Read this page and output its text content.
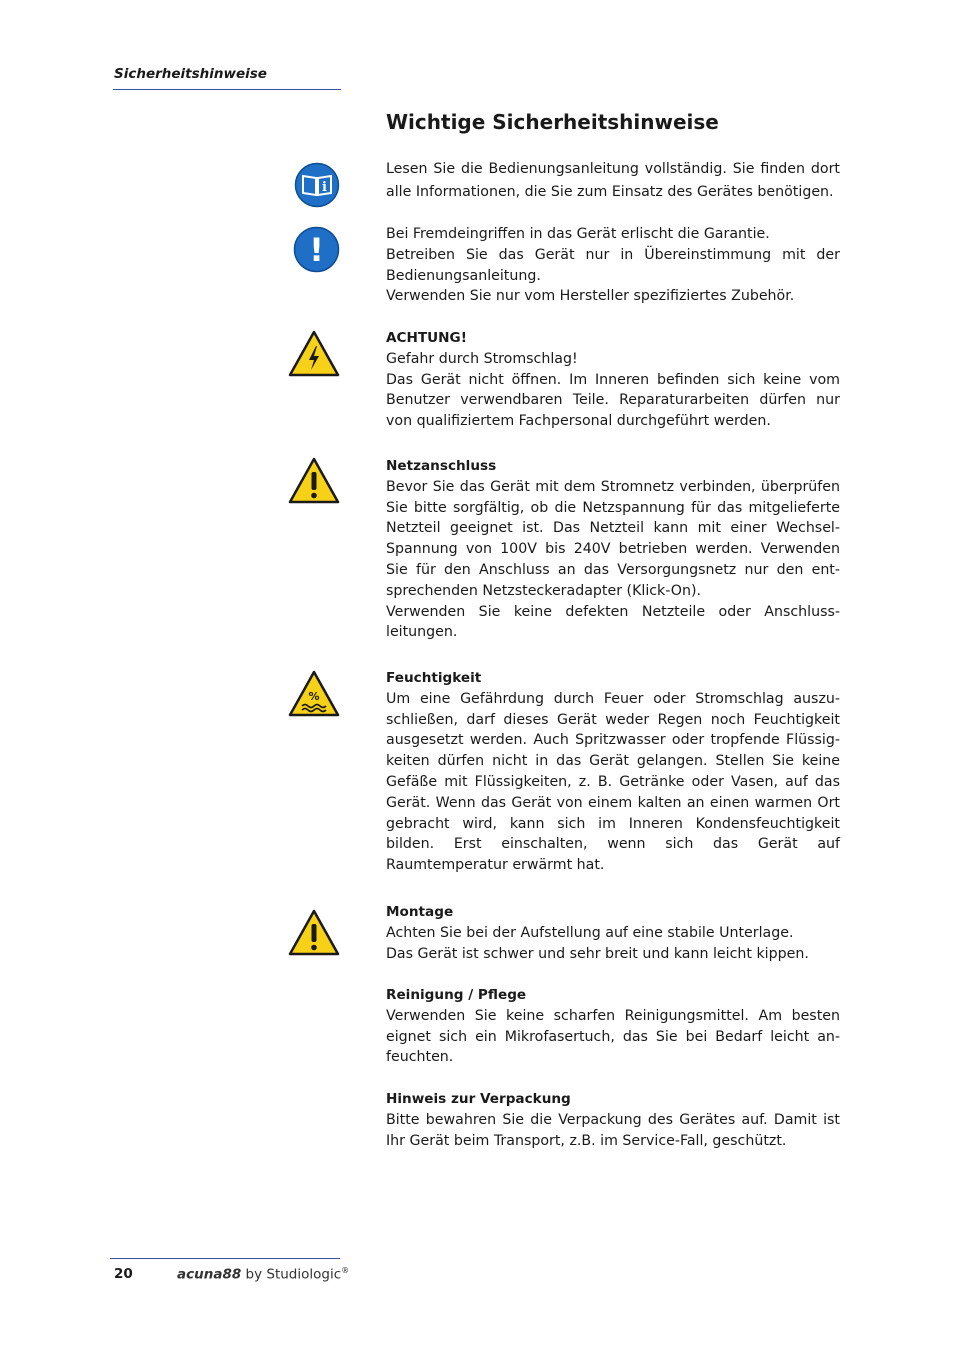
Sicherheitshinweise
Wichtige Sicherheitshinweise
i
!
%

Lesen Sie die Bedienungsanleitung vollständig. Sie finden dort alle Informationen, die Sie zum Einsatz des Gerätes benötigen.

Bei Fremdeingriffen in das Gerät erlischt die Garantie.

Betreiben Sie das Gerät nur in Übereinstimmung mit der Bedienungsanleitung.

Verwenden Sie nur vom Hersteller spezifiziertes Zubehör.

ACHTUNG!

Gefahr durch Stromschlag!

Das Gerät nicht öffnen. Im Inneren befinden sich keine vom Benutzer verwendbaren Teile. Reparaturarbeiten dürfen nur von qualifiziertem Fachpersonal durchgeführt werden.

Netzanschluss

Bevor Sie das Gerät mit dem Stromnetz verbinden, überprüfen Sie bitte sorgfältig, ob die Netzspannung für das mitgelieferte Netzteil geeignet ist. Das Netzteil kann mit einer Wechsel-Spannung von 100V bis 240V betrieben werden. Verwenden Sie für den Anschluss an das Versorgungsnetz nur den ent-sprechenden Netzsteckeradapter (Klick-On).

Verwenden Sie keine defekten Netzteile oder Anschluss-leitungen.

Feuchtigkeit

Um eine Gefährdung durch Feuer oder Stromschlag auszu-schließen, darf dieses Gerät weder Regen noch Feuchtigkeit ausgesetzt werden. Auch Spritzwasser oder tropfende Flüssig-keiten dürfen nicht in das Gerät gelangen. Stellen Sie keine Gefäße mit Flüssigkeiten, z. B. Getränke oder Vasen, auf das Gerät. Wenn das Gerät von einem kalten an einen warmen Ort gebracht wird, kann sich im Inneren Kondensfeuchtigkeit bilden. Erst einschalten, wenn sich das Gerät auf Raumtemperatur erwärmt hat.

Montage

Achten Sie bei der Aufstellung auf eine stabile Unterlage.

Das Gerät ist schwer und sehr breit und kann leicht kippen.

Reinigung / Pflege

Verwenden Sie keine scharfen Reinigungsmittel. Am besten eignet sich ein Mikrofasertuch, das Sie bei Bedarf leicht an-feuchten.

Hinweis zur Verpackung

Bitte bewahren Sie die Verpackung des Gerätes auf. Damit ist Ihr Gerät beim Transport, z.B. im Service-Fall, geschützt.

20	acuna88 by Studiologic®
